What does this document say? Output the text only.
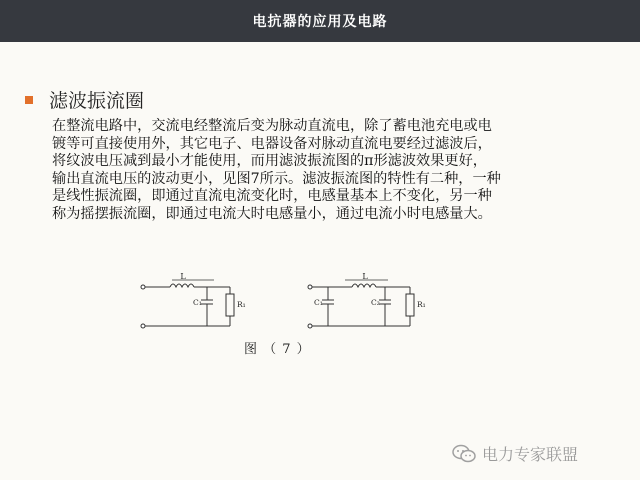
电抗器的应用及电路
滤波振流圈
在整流电路中，交流电经整流后变为脉动直流电，除了蓄电池充电或电
镀等可直接使用外，其它电子、电器设备对脉动直流电要经过滤波后，
将纹波电压减到最小才能使用，而用滤波振流图的π形滤波效果更好，
输出直流电压的波动更小，见图7所示。滤波振流图的特性有二种，一种
是线性振流圈，即通过直流电流变化时，电感量基本上不变化，另一种
称为摇摆振流圈，即通过电流大时电感量小，通过电流小时电感量大。
L
C₁	R₁
L
C₁	C₂	R₁
图 （ 7 ）
电力专家联盟
